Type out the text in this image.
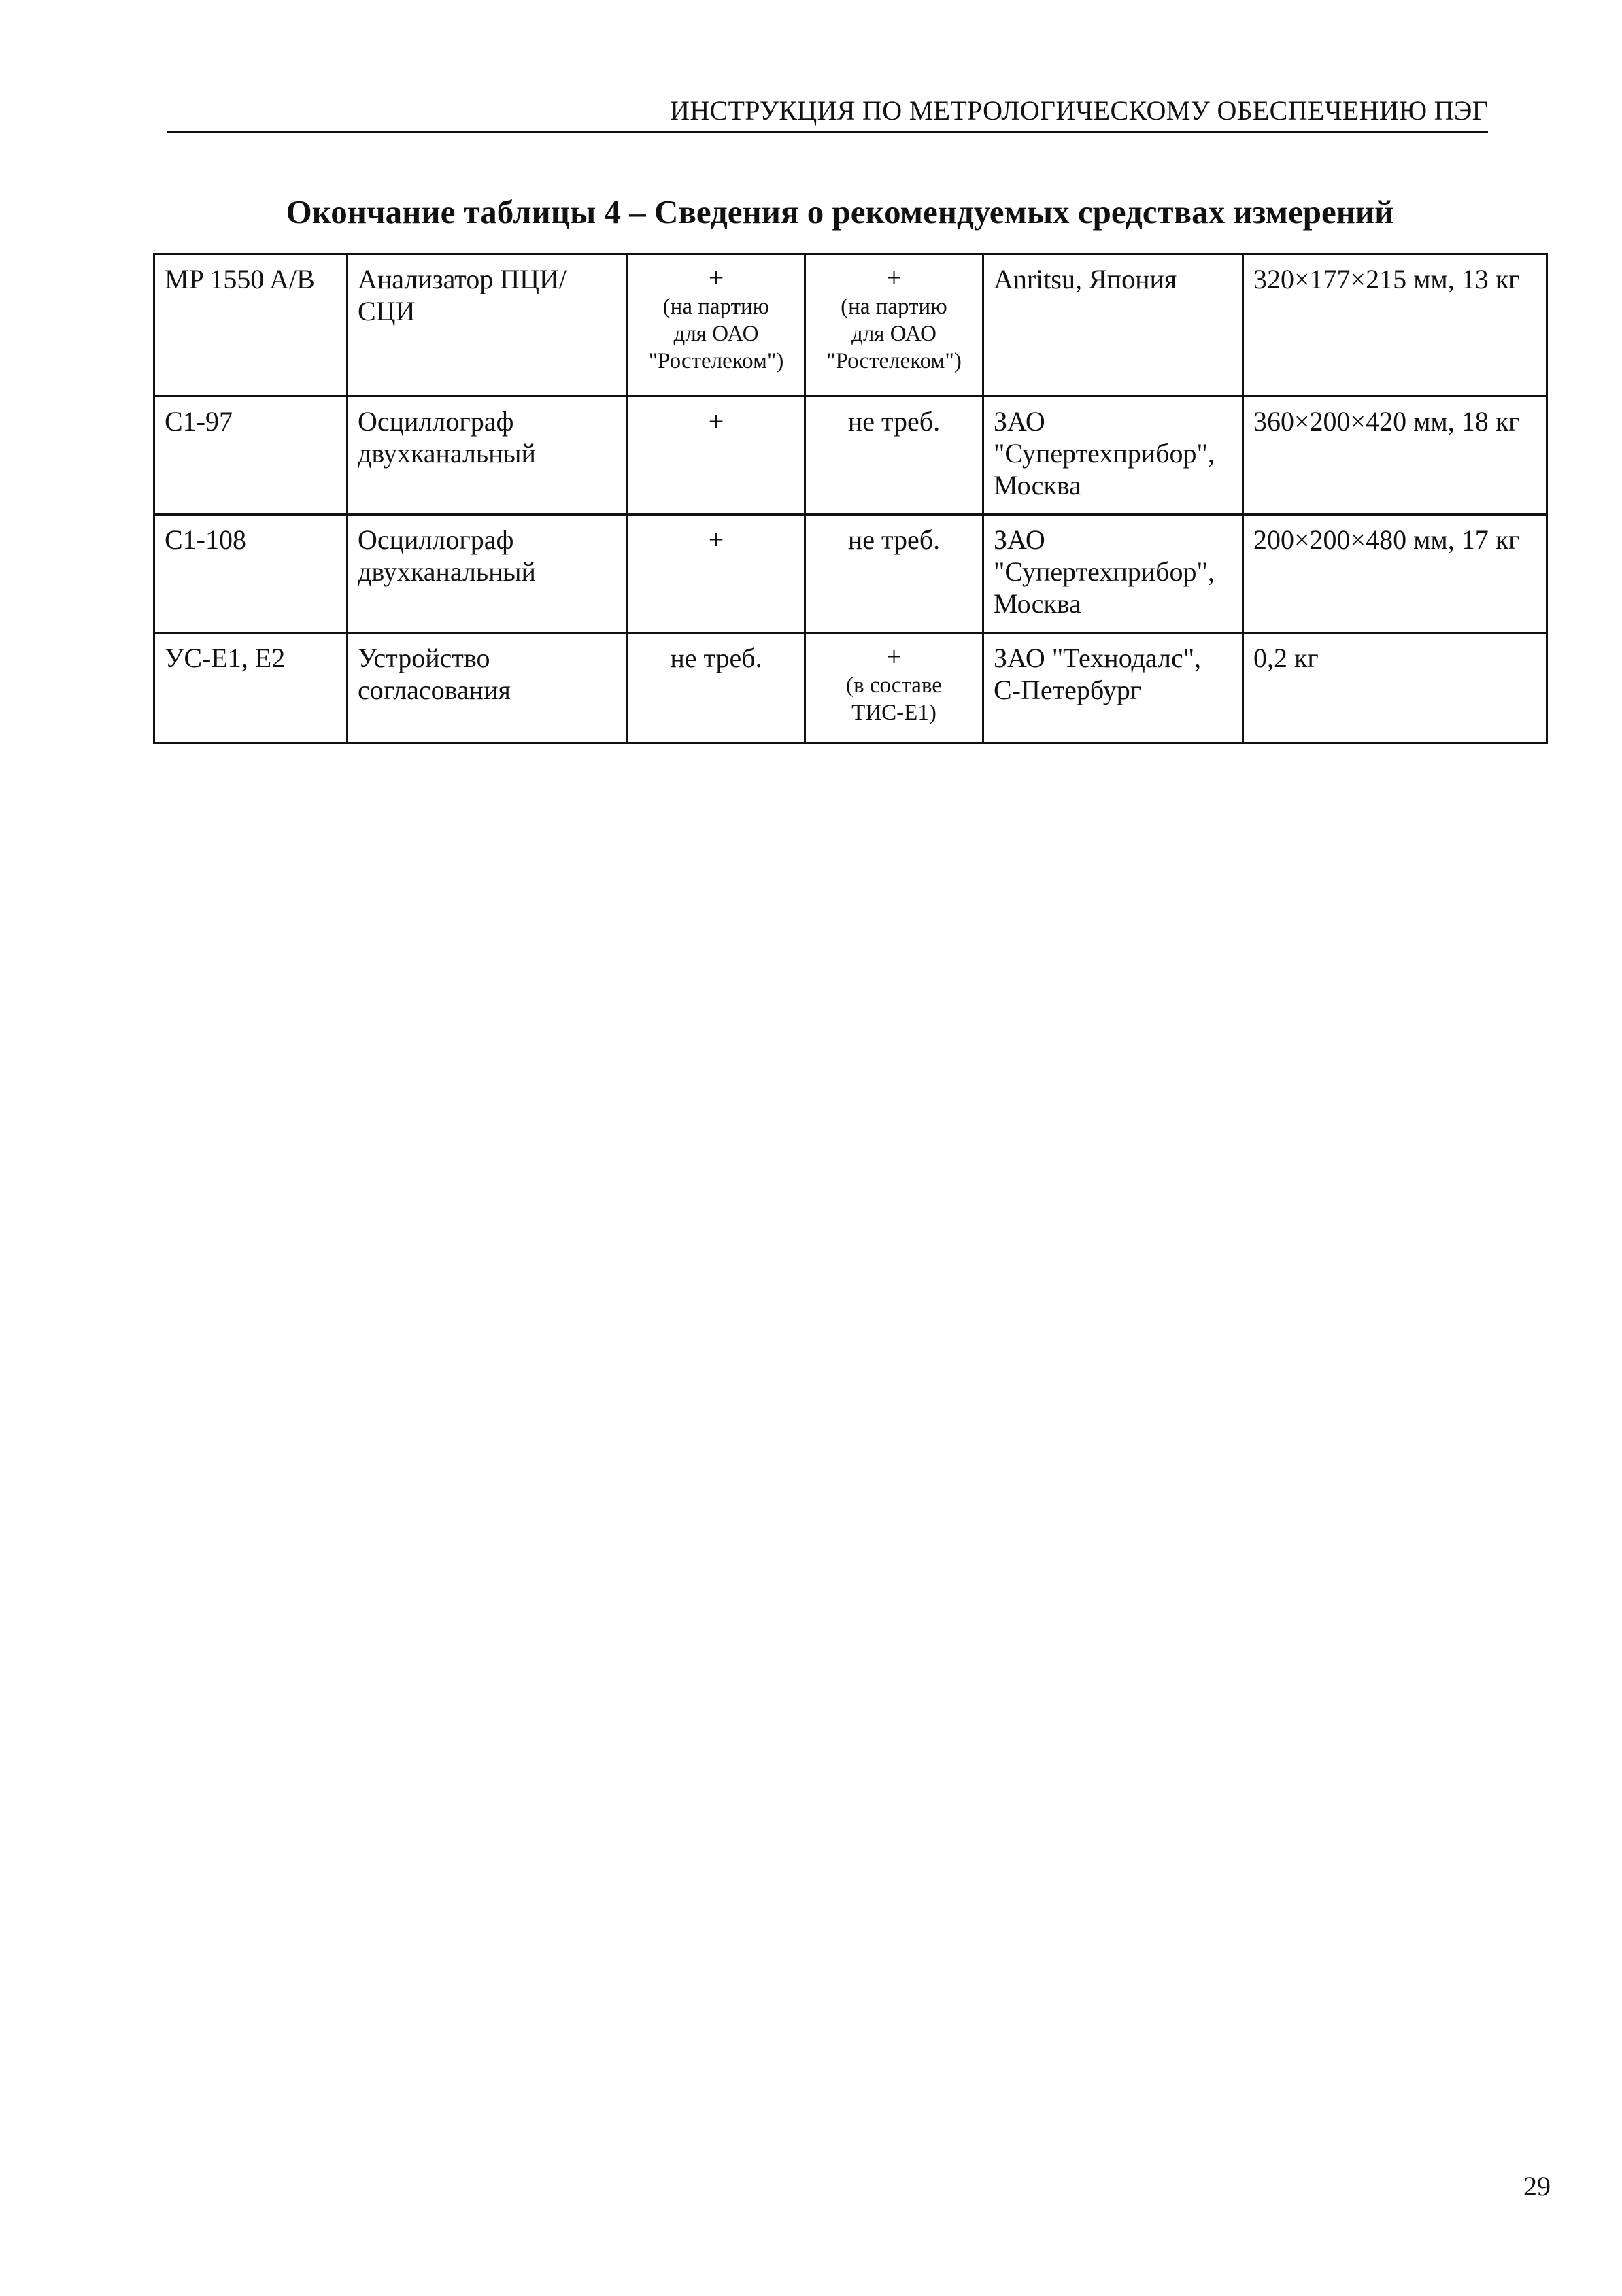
ИНСТРУКЦИЯ ПО МЕТРОЛОГИЧЕСКОМУ ОБЕСПЕЧЕНИЮ ПЭГ
Окончание таблицы 4 – Сведения о рекомендуемых средствах измерений
MP 1550 A/B	Анализатор ПЦИ/
СЦИ	+
(на партию
для ОАО
"Ростелеком")	+
(на партию
для ОАО
"Ростелеком")	Anritsu, Япония	320×177×215 мм, 13 кг
C1-97	Осциллограф
двухканальный	+	не треб.	ЗАО
"Супертехприбор",
Москва	360×200×420 мм, 18 кг
C1-108	Осциллограф
двухканальный	+	не треб.	ЗАО
"Супертехприбор",
Москва	200×200×480 мм, 17 кг
УС-Е1, Е2	Устройство
согласования	не треб.	+
(в составе
ТИС-Е1)	ЗАО "Технодалс",
С-Петербург	0,2 кг
29
